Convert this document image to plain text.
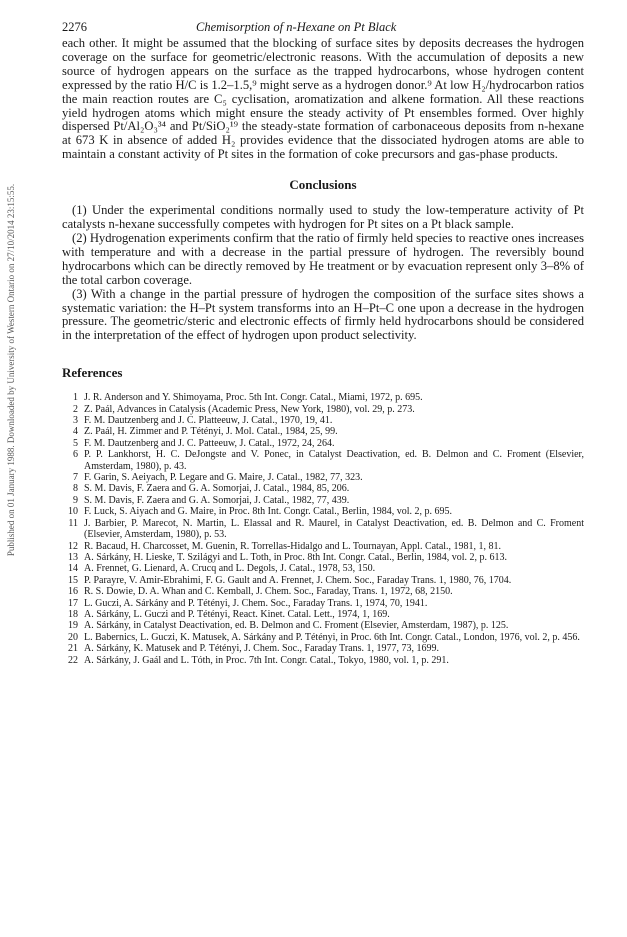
Published on 01 January 1988. Downloaded by University of Western Ontario on 27/10/2014 23:15:55.
2276	Chemisorption of n-Hexane on Pt Black

each other. It might be assumed that the blocking of surface sites by deposits decreases the hydrogen coverage on the surface for geometric/electronic reasons. With the accumulation of deposits a new source of hydrogen appears on the surface as the trapped hydrocarbons, whose hydrogen content expressed by the ratio H/C is 1.2–1.5,⁹ might serve as a hydrogen donor.⁹ At low H₂/hydrocarbon ratios the main reaction routes are C₅ cyclisation, aromatization and alkene formation. All these reactions yield hydrogen atoms which might ensure the steady activity of Pt ensembles formed. Over highly dispersed Pt/Al₂O₃³⁴ and Pt/SiO₂¹⁹ the steady-state formation of carbonaceous deposits from n-hexane at 673 K in absence of added H₂ provides evidence that the dissociated hydrogen atoms are able to maintain a constant activity of Pt sites in the formation of coke precursors and gas-phase products.

Conclusions

(1) Under the experimental conditions normally used to study the low-temperature activity of Pt catalysts n-hexane successfully competes with hydrogen for Pt sites on a Pt black sample.

(2) Hydrogenation experiments confirm that the ratio of firmly held species to reactive ones increases with temperature and with a decrease in the partial pressure of hydrogen. The reversibly bound hydrocarbons which can be directly removed by He treatment or by evacuation represent only 3–8% of the total carbon coverage.

(3) With a change in the partial pressure of hydrogen the composition of the surface sites shows a systematic variation: the H–Pt system transforms into an H–Pt–C one upon a decrease in the hydrogen pressure. The geometric/steric and electronic effects of firmly held hydrocarbons should be considered in the interpretation of the effect of hydrogen upon product selectivity.

References
1 J. R. Anderson and Y. Shimoyama, Proc. 5th Int. Congr. Catal., Miami, 1972, p. 695.
2 Z. Paál, Advances in Catalysis (Academic Press, New York, 1980), vol. 29, p. 273.
3 F. M. Dautzenberg and J. C. Platteeuw, J. Catal., 1970, 19, 41.
4 Z. Paál, H. Zimmer and P. Tétényi, J. Mol. Catal., 1984, 25, 99.
5 F. M. Dautzenberg and J. C. Patteeuw, J. Catal., 1972, 24, 264.
6 P. P. Lankhorst, H. C. DeJongste and V. Ponec, in Catalyst Deactivation, ed. B. Delmon and C. Froment (Elsevier, Amsterdam, 1980), p. 43.
7 F. Garin, S. Aeiyach, P. Legare and G. Maire, J. Catal., 1982, 77, 323.
8 S. M. Davis, F. Zaera and G. A. Somorjai, J. Catal., 1984, 85, 206.
9 S. M. Davis, F. Zaera and G. A. Somorjai, J. Catal., 1982, 77, 439.
10 F. Luck, S. Aiyach and G. Maire, in Proc. 8th Int. Congr. Catal., Berlin, 1984, vol. 2, p. 695.
11 J. Barbier, P. Marecot, N. Martin, L. Elassal and R. Maurel, in Catalyst Deactivation, ed. B. Delmon and C. Froment (Elsevier, Amsterdam, 1980), p. 53.
12 R. Bacaud, H. Charcosset, M. Guenin, R. Torrellas-Hidalgo and L. Tournayan, Appl. Catal., 1981, 1, 81.
13 A. Sárkány, H. Lieske, T. Szilágyi and L. Toth, in Proc. 8th Int. Congr. Catal., Berlin, 1984, vol. 2, p. 613.
14 A. Frennet, G. Lienard, A. Crucq and L. Degols, J. Catal., 1978, 53, 150.
15 P. Parayre, V. Amir-Ebrahimi, F. G. Gault and A. Frennet, J. Chem. Soc., Faraday Trans. 1, 1980, 76, 1704.
16 R. S. Dowie, D. A. Whan and C. Kemball, J. Chem. Soc., Faraday, Trans. 1, 1972, 68, 2150.
17 L. Guczi, A. Sárkány and P. Tétényi, J. Chem. Soc., Faraday Trans. 1, 1974, 70, 1941.
18 A. Sárkány, L. Guczi and P. Tétényi, React. Kinet. Catal. Lett., 1974, 1, 169.
19 A. Sárkány, in Catalyst Deactivation, ed. B. Delmon and C. Froment (Elsevier, Amsterdam, 1987), p. 125.
20 L. Babernics, L. Guczi, K. Matusek, A. Sárkány and P. Tétényi, in Proc. 6th Int. Congr. Catal., London, 1976, vol. 2, p. 456.
21 A. Sárkány, K. Matusek and P. Tétényi, J. Chem. Soc., Faraday Trans. 1, 1977, 73, 1699.
22 A. Sárkány, J. Gaál and L. Tóth, in Proc. 7th Int. Congr. Catal., Tokyo, 1980, vol. 1, p. 291.
